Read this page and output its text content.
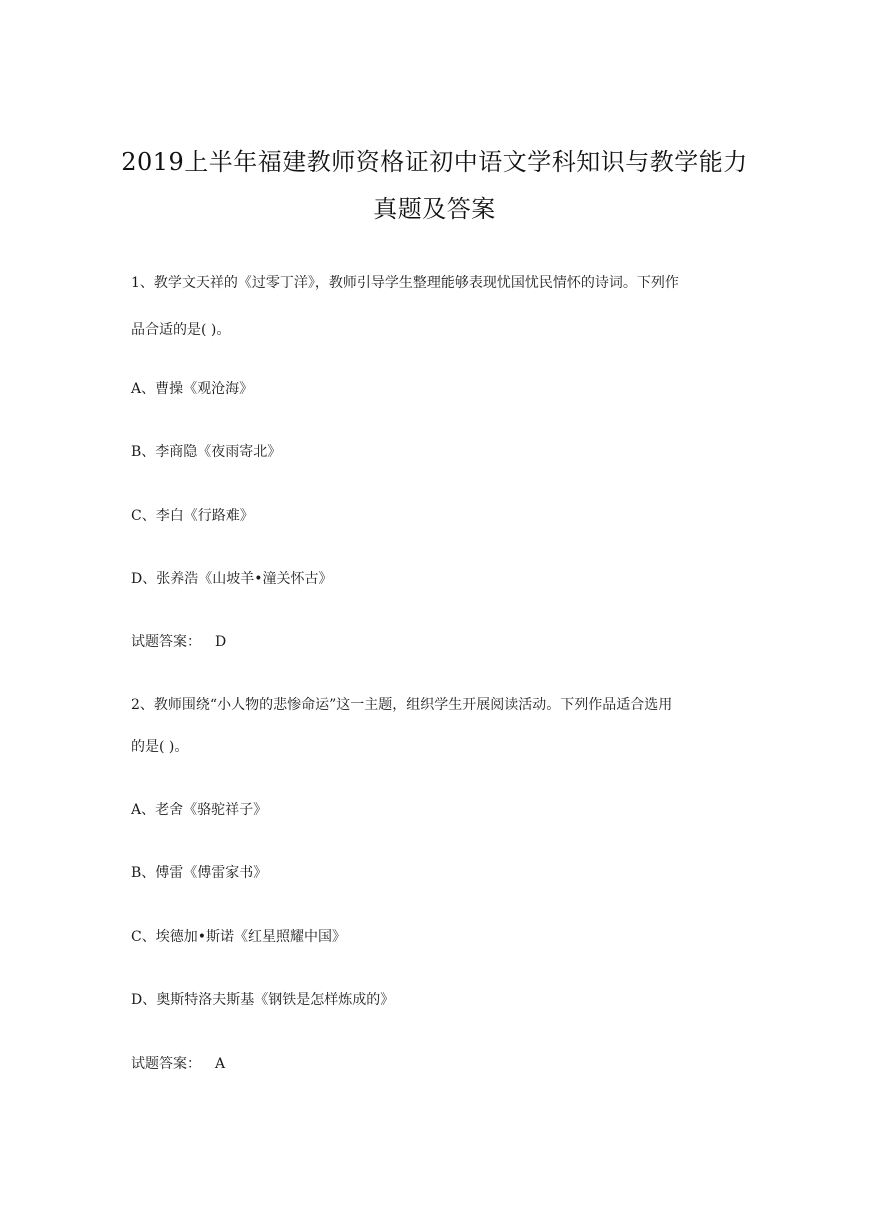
2019上半年福建教师资格证初中语文学科知识与教学能力
真题及答案
1、教学文天祥的《过零丁洋》，教师引导学生整理能够表现忧国忧民情怀的诗词。下列作
品合适的是( )。
A、曹操《观沧海》
B、李商隐《夜雨寄北》
C、李白《行路难》
D、张养浩《山坡羊•潼关怀古》
试题答案： D
2、教师围绕“小人物的悲惨命运”这一主题，组织学生开展阅读活动。下列作品适合选用
的是( )。
A、老舍《骆驼祥子》
B、傅雷《傅雷家书》
C、埃德加•斯诺《红星照耀中国》
D、奥斯特洛夫斯基《钢铁是怎样炼成的》
试题答案： A
